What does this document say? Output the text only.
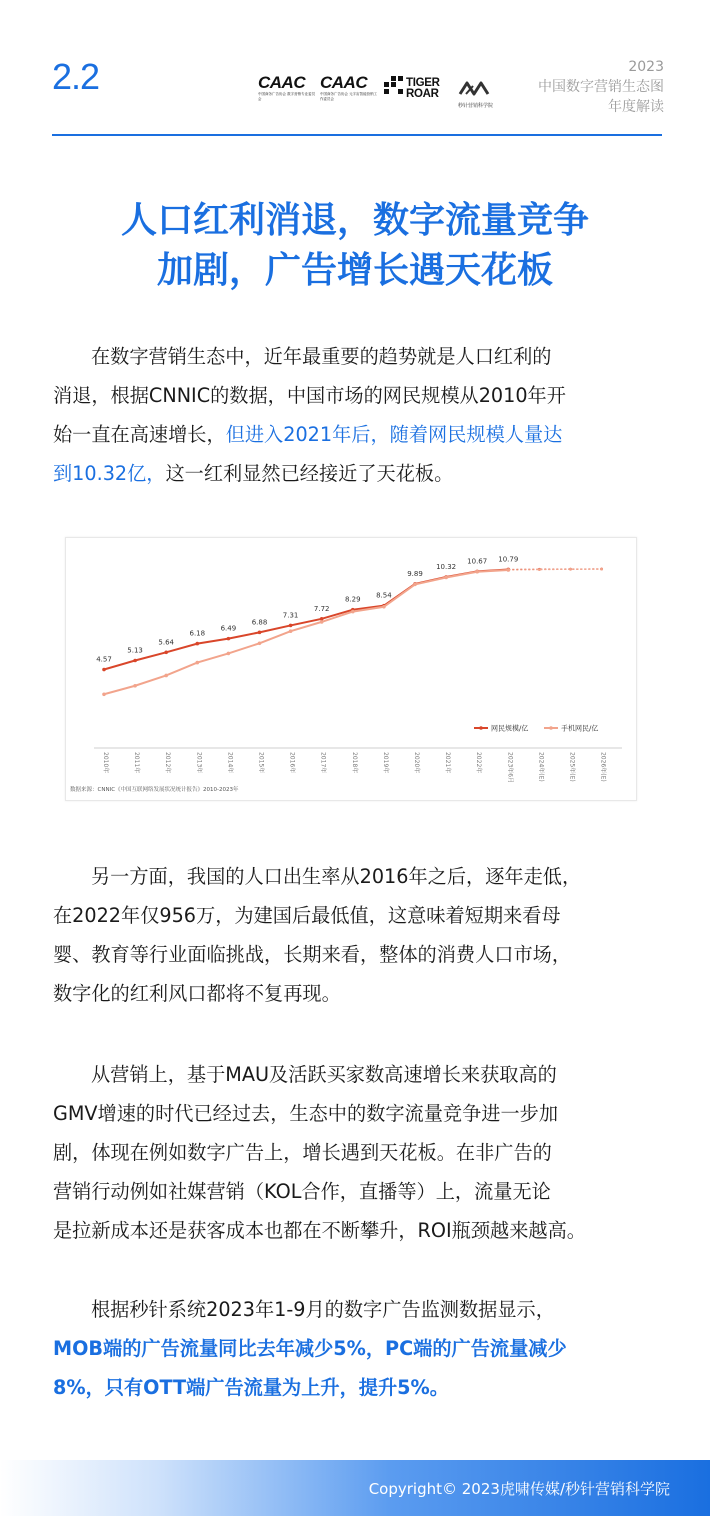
2.2	CAAC
中国商务广告协会 数字营销专业委员会
CAAC
中国商务广告协会 元宇宙智能营销工作委员会
TIGER
ROAR
秒针营销科学院
2023
中国数字营销生态图
年度解读
人口红利消退，数字流量竞争
加剧，广告增长遇天花板
在数字营销生态中，近年最重要的趋势就是人口红利的
消退，根据CNNIC的数据，中国市场的网民规模从2010年开
始一直在高速增长，但进入2021年后，随着网民规模人量达
到10.32亿，这一红利显然已经接近了天花板。
4.57
5.13
5.64
6.18
6.49
6.88
7.31
7.72
8.29
8.54
9.89
10.32
10.67 10.79
2010年	2011年	2012年	2013年	2014年	2015年	2016年	2017年	2018年	2019年	2020年	2021年	2022年	2023年6月	2024年(E)	2025年(E)	2026年(E)
网民规模/亿	手机网民/亿
数据来源：CNNIC《中国互联网络发展状况统计报告》2010-2023年
另一方面，我国的人口出生率从2016年之后，逐年走低，
在2022年仅956万，为建国后最低值，这意味着短期来看母
婴、教育等行业面临挑战，长期来看，整体的消费人口市场，
数字化的红利风口都将不复再现。
从营销上，基于MAU及活跃买家数高速增长来获取高的
GMV增速的时代已经过去，生态中的数字流量竞争进一步加
剧，体现在例如数字广告上，增长遇到天花板。在非广告的
营销行动例如社媒营销（KOL合作，直播等）上，流量无论
是拉新成本还是获客成本也都在不断攀升，ROI瓶颈越来越高。
根据秒针系统2023年1-9月的数字广告监测数据显示，
MOB端的广告流量同比去年减少5%，PC端的广告流量减少
8%，只有OTT端广告流量为上升，提升5%。
Copyright© 2023虎啸传媒/秒针营销科学院
